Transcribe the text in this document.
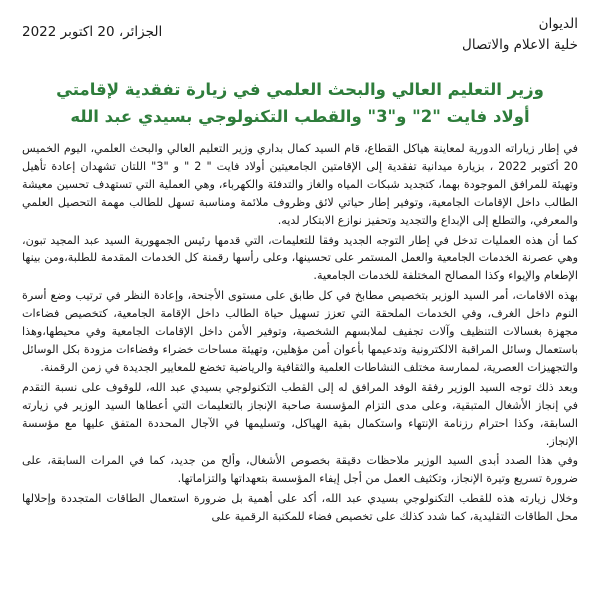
الديوان
خلية الاعلام والاتصال
الجزائر، 20 اكتوبر 2022
وزير التعليم العالي والبحث العلمي في زيارة تفقدية لإقامتي
أولاد فايت "2" و"3" والقطب التكنولوجي بسيدي عبد الله

في إطار زياراته الدورية لمعاينة هياكل القطاع، قام السيد كمال بداري وزير التعليم العالي والبحث العلمي، اليوم الخميس 20 أكتوبر 2022 ، بزيارة ميدانية تفقدية إلى الإقامتين الجامعيتين أولاد فايت " 2 " و "3" اللتان تشهدان إعادة تأهيل وتهيئة للمرافق الموجودة بهما، كتجديد شبكات المياه والغاز والتدفئة والكهرباء، وهي العملية التي تستهدف تحسين معيشة الطالب داخل الإقامات الجامعية، وتوفير إطار حياتي لائق وظروف ملائمة ومناسبة تسهل للطالب مهمة التحصيل العلمي والمعرفي، والتطلع إلى الإبداع والتجديد وتحفيز نوازع الابتكار لديه.

كما أن هذه العمليات تدخل في إطار التوجه الجديد وفقا للتعليمات، التي قدمها رئيس الجمهورية السيد عبد المجيد تبون، وهي عصرنة الخدمات الجامعية والعمل المستمر على تحسينها، وعلى رأسها رقمنة كل الخدمات المقدمة للطلبة،ومن بينها الإطعام والإيواء وكذا المصالح المختلفة للخدمات الجامعية.

بهذه الافامات، أمر السيد الوزير بتخصيص مطابخ في كل طابق على مستوى الأجنحة، وإعادة النظر في ترتيب وضع أسرة النوم داخل الغرف، وفي الخدمات الملحقة التي تعزز تسهيل حياة الطالب داخل الإقامة الجامعية، كتخصيص فضاءات مجهزة بغسالات التنظيف وآلات تجفيف لملابسهم الشخصية، وتوفير الأمن داخل الإقامات الجامعية وفي محيطها،وهذا باستعمال وسائل المراقبة الالكترونية وتدعيمها بأعوان أمن مؤهلين، وتهيئة مساحات خضراء وفضاءات مزودة بكل الوسائل والتجهيزات العصرية، لممارسة مختلف النشاطات العلمية والثقافية والرياضية تخضع للمعايير الجديدة في زمن الرقمنة.

وبعد ذلك توجه السيد الوزير رفقة الوفد المرافق له إلى القطب التكنولوجي بسيدي عبد الله، للوقوف على نسبة التقدم في إنجاز الأشغال المتبقية، وعلى مدى التزام المؤسسة صاحبة الإنجاز بالتعليمات التي أعطاها السيد الوزير في زيارته السابقة، وكذا احترام رزنامة الإنتهاء واستكمال بقية الهياكل، وتسليمها في الآجال المحددة المتفق عليها مع مؤسسة الإنجاز.

وفي هذا الصدد أبدى السيد الوزير ملاحظات دقيقة بخصوص الأشغال، وألح من جديد، كما في المرات السابقة، على ضرورة تسريع وتيرة الإنجاز، وتكثيف العمل من أجل إيفاء المؤسسة بتعهداتها والتزاماتها.

وخلال زيارته هذه للقطب التكنولوجي بسيدي عبد الله، أكد على أهمية بل ضرورة استعمال الطاقات المتجددة وإحلالها محل الطاقات التقليدية، كما شدد كذلك على تخصيص فضاء للمكتبة الرقمية على
